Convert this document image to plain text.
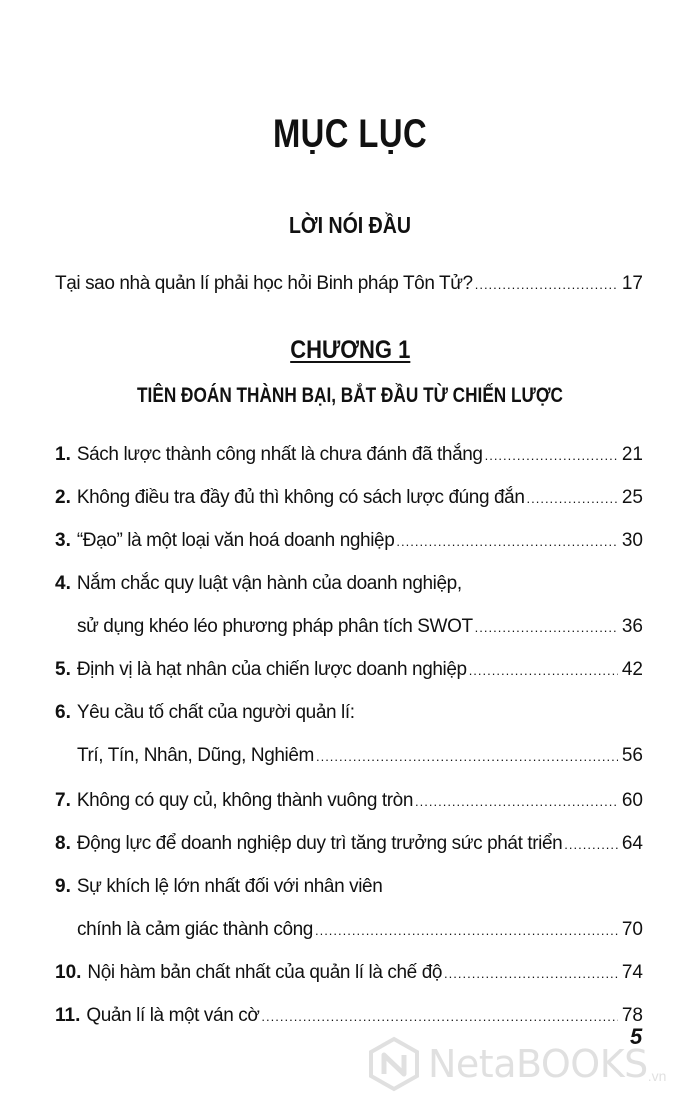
MỤC LỤC
LỜI NÓI ĐẦU
Tại sao nhà quản lí phải học hỏi Binh pháp Tôn Tử? .....	17
CHƯƠNG 1
TIÊN ĐOÁN THÀNH BẠI, BẮT ĐẦU TỪ CHIẾN LƯỢC
1. Sách lược thành công nhất là chưa đánh đã thắng .....	21
2. Không điều tra đầy đủ thì không có sách lược đúng đắn .....	25
3. “Đạo” là một loại văn hoá doanh nghiệp .....	30
4. Nắm chắc quy luật vận hành của doanh nghiệp,
sử dụng khéo léo phương pháp phân tích SWOT .....	36
5. Định vị là hạt nhân của chiến lược doanh nghiệp .....	42
6. Yêu cầu tố chất của người quản lí:
Trí, Tín, Nhân, Dũng, Nghiêm .....	56
7. Không có quy củ, không thành vuông tròn .....	60
8. Động lực để doanh nghiệp duy trì tăng trưởng sức phát triển .....	64
9. Sự khích lệ lớn nhất đối với nhân viên
chính là cảm giác thành công .....	70
10. Nội hàm bản chất nhất của quản lí là chế độ .....	74
11. Quản lí là một ván cờ .....	78
5
NetaBOOKS .vn
